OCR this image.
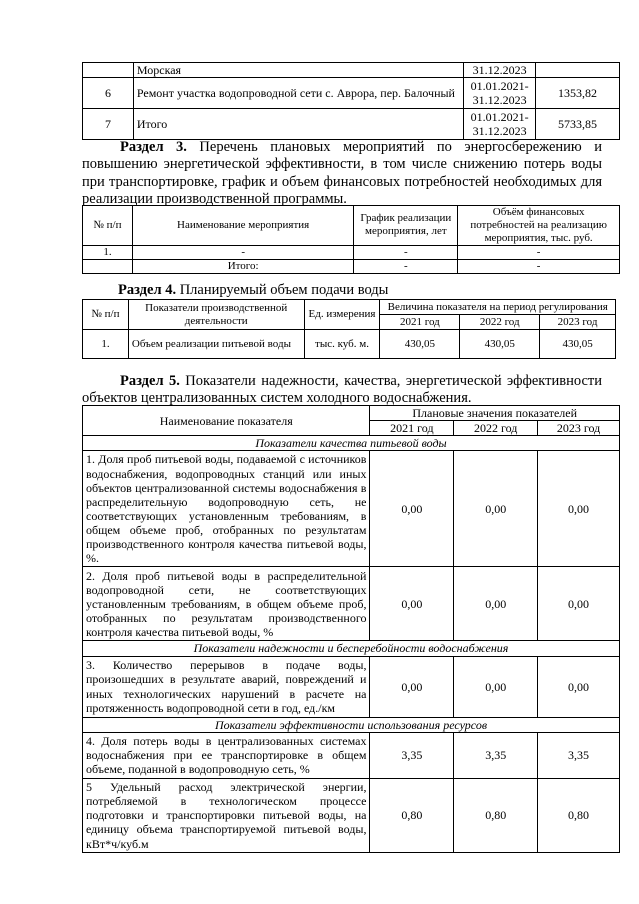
	Морская	31.12.2023	
6	Ремонт участка водопроводной сети с. Аврора, пер. Балочный	01.01.2021-31.12.2023	1353,82
7	Итого	01.01.2021-31.12.2023	5733,85
Раздел 3. Перечень плановых мероприятий по энергосбережению и повышению энергетической эффективности, в том числе снижению потерь воды при транспортировке, график и объем финансовых потребностей необходимых для реализации производственной программы.
№ п/п	Наименование мероприятия	График реализации мероприятия, лет	Объём финансовых потребностей на реализацию мероприятия, тыс. руб.
1.	-	-	-
	Итого:	-	-
Раздел 4. Планируемый объем подачи воды
№ п/п	Показатели производственной деятельности	Ед. измерения	Величина показателя на период регулирования		
			2021 год	2022 год	2023 год
1.	Объем реализации питьевой воды	тыс. куб. м.	430,05	430,05	430,05
Раздел 5. Показатели надежности, качества, энергетической эффективности объектов централизованных систем холодного водоснабжения.
Наименование показателя	Плановые значения показателей		
	2021 год	2022 год	2023 год
Показатели качества питьевой воды			
1. Доля проб питьевой воды, подаваемой с источников водоснабжения, водопроводных станций или иных объектов централизованной системы водоснабжения в распределительную водопроводную сеть, не соответствующих установленным требованиям, в общем объеме проб, отобранных по результатам производственного контроля качества питьевой воды, %.	0,00	0,00	0,00
2. Доля проб питьевой воды в распределительной водопроводной сети, не соответствующих установленным требованиям, в общем объеме проб, отобранных по результатам производственного контроля качества питьевой воды, %	0,00	0,00	0,00
Показатели надежности и бесперебойности водоснабжения			
3. Количество перерывов в подаче воды, произошедших в результате аварий, повреждений и иных технологических нарушений в расчете на протяженность водопроводной сети в год, ед./км	0,00	0,00	0,00
Показатели эффективности использования ресурсов			
4. Доля потерь воды в централизованных системах водоснабжения при ее транспортировке в общем объеме, поданной в водопроводную сеть, %	3,35	3,35	3,35
5 Удельный расход электрической энергии, потребляемой в технологическом процессе подготовки и транспортировки питьевой воды, на единицу объема транспортируемой питьевой воды, кВт*ч/куб.м	0,80	0,80	0,80
